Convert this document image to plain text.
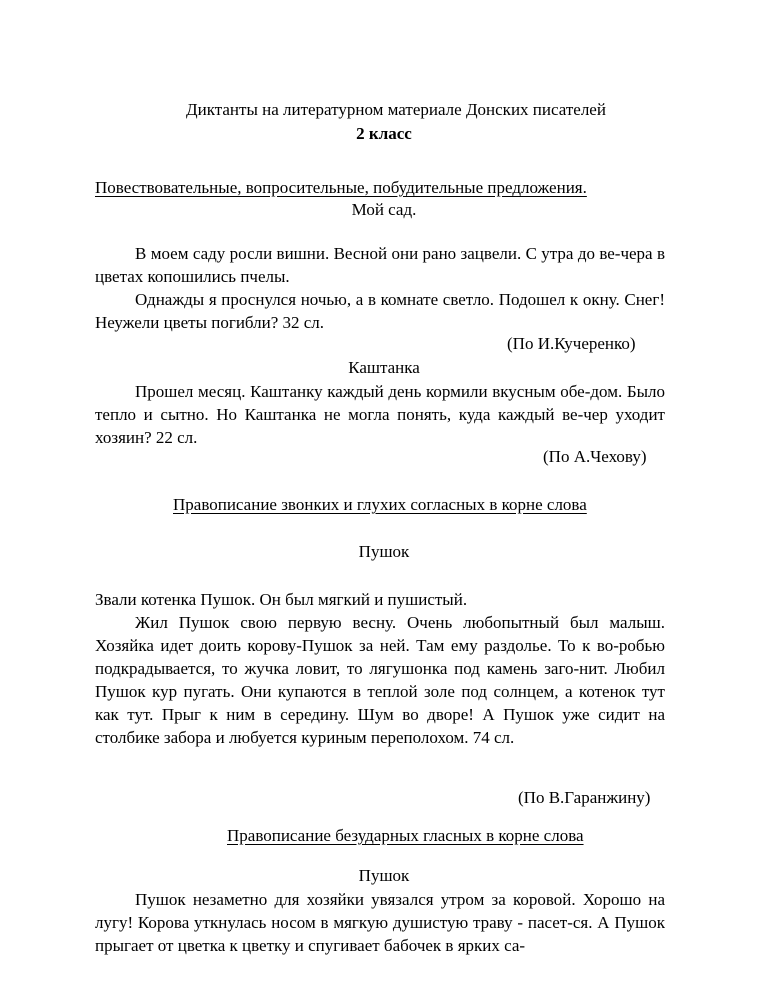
Диктанты на литературном материале Донских писателей
2 класс
Повествовательные, вопросительные, побудительные предложения.
Мой сад.

В моем саду росли вишни. Весной они рано зацвели. С утра до ве-чера в цветах копошились пчелы.

Однажды я проснулся ночью, а в комнате светло. Подошел к окну. Снег! Неужели цветы погибли? 32 сл.

(По И.Кучеренко)
Каштанка

Прошел месяц. Каштанку каждый день кормили вкусным обе-дом. Было тепло и сытно. Но Каштанка не могла понять, куда каждый ве-чер уходит хозяин? 22 сл.

(По А.Чехову)
Правописание звонких и глухих согласных в корне слова
Пушок

Звали котенка Пушок. Он был мягкий и пушистый.

Жил Пушок свою первую весну. Очень любопытный был малыш. Хозяйка идет доить корову-Пушок за ней. Там ему раздолье. То к во-робью подкрадывается, то жучка ловит, то лягушонка под камень заго-нит. Любил Пушок кур пугать. Они купаются в теплой золе под солнцем, а котенок тут как тут. Прыг к ним в середину. Шум во дворе! А Пушок уже сидит на столбике забора и любуется куриным переполохом. 74 сл.

(По В.Гаранжину)
Правописание безударных гласных в корне слова
Пушок

Пушок незаметно для хозяйки увязался утром за коровой. Хорошо на лугу! Корова уткнулась носом в мягкую душистую траву - пасет-ся. А Пушок прыгает от цветка к цветку и спугивает бабочек в ярких са-
